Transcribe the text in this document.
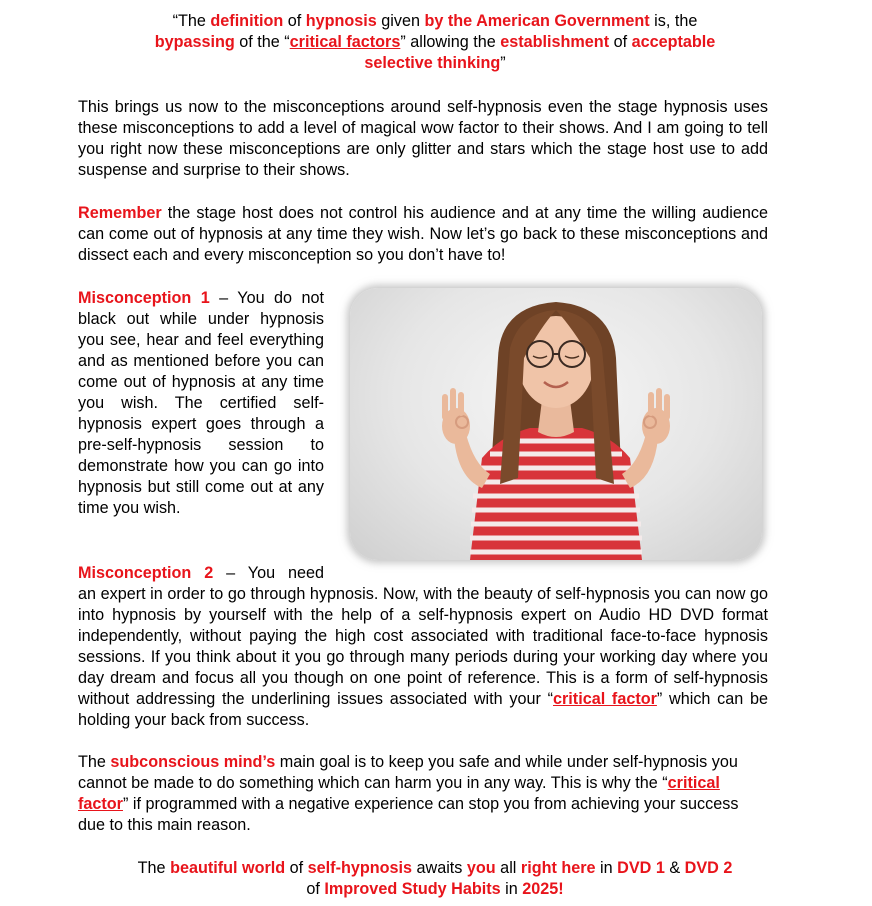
“The definition of hypnosis given by the American Government is, the
bypassing of the “critical factors” allowing the establishment of acceptable
selective thinking”
This brings us now to the misconceptions around self-hypnosis even the stage hypnosis uses these misconceptions to add a level of magical wow factor to their shows. And I am going to tell you right now these misconceptions are only glitter and stars which the stage host use to add suspense and surprise to their shows.
Remember the stage host does not control his audience and at any time the willing audience can come out of hypnosis at any time they wish. Now let’s go back to these misconceptions and dissect each and every misconception so you don’t have to!
Misconception 1 – You do not black out while under hypnosis you see, hear and feel everything and as mentioned before you can come out of hypnosis at any time you wish. The certified self-hypnosis expert goes through a pre-self-hypnosis session to demonstrate how you can go into hypnosis but still come out at any time you wish.
Misconception 2 – You need
an expert in order to go through hypnosis. Now, with the beauty of self-hypnosis you can now go into hypnosis by yourself with the help of a self-hypnosis expert on Audio HD DVD format independently, without paying the high cost associated with traditional face-to-face hypnosis sessions. If you think about it you go through many periods during your working day where you day dream and focus all you though on one point of reference. This is a form of self-hypnosis without addressing the underlining issues associated with your “critical factor” which can be holding your back from success.
The subconscious mind’s main goal is to keep you safe and while under self-hypnosis you cannot be made to do something which can harm you in any way. This is why the “critical factor” if programmed with a negative experience can stop you from achieving your success due to this main reason.
The beautiful world of self-hypnosis awaits you all right here in DVD 1 & DVD 2
of Improved Study Habits in 2025!
